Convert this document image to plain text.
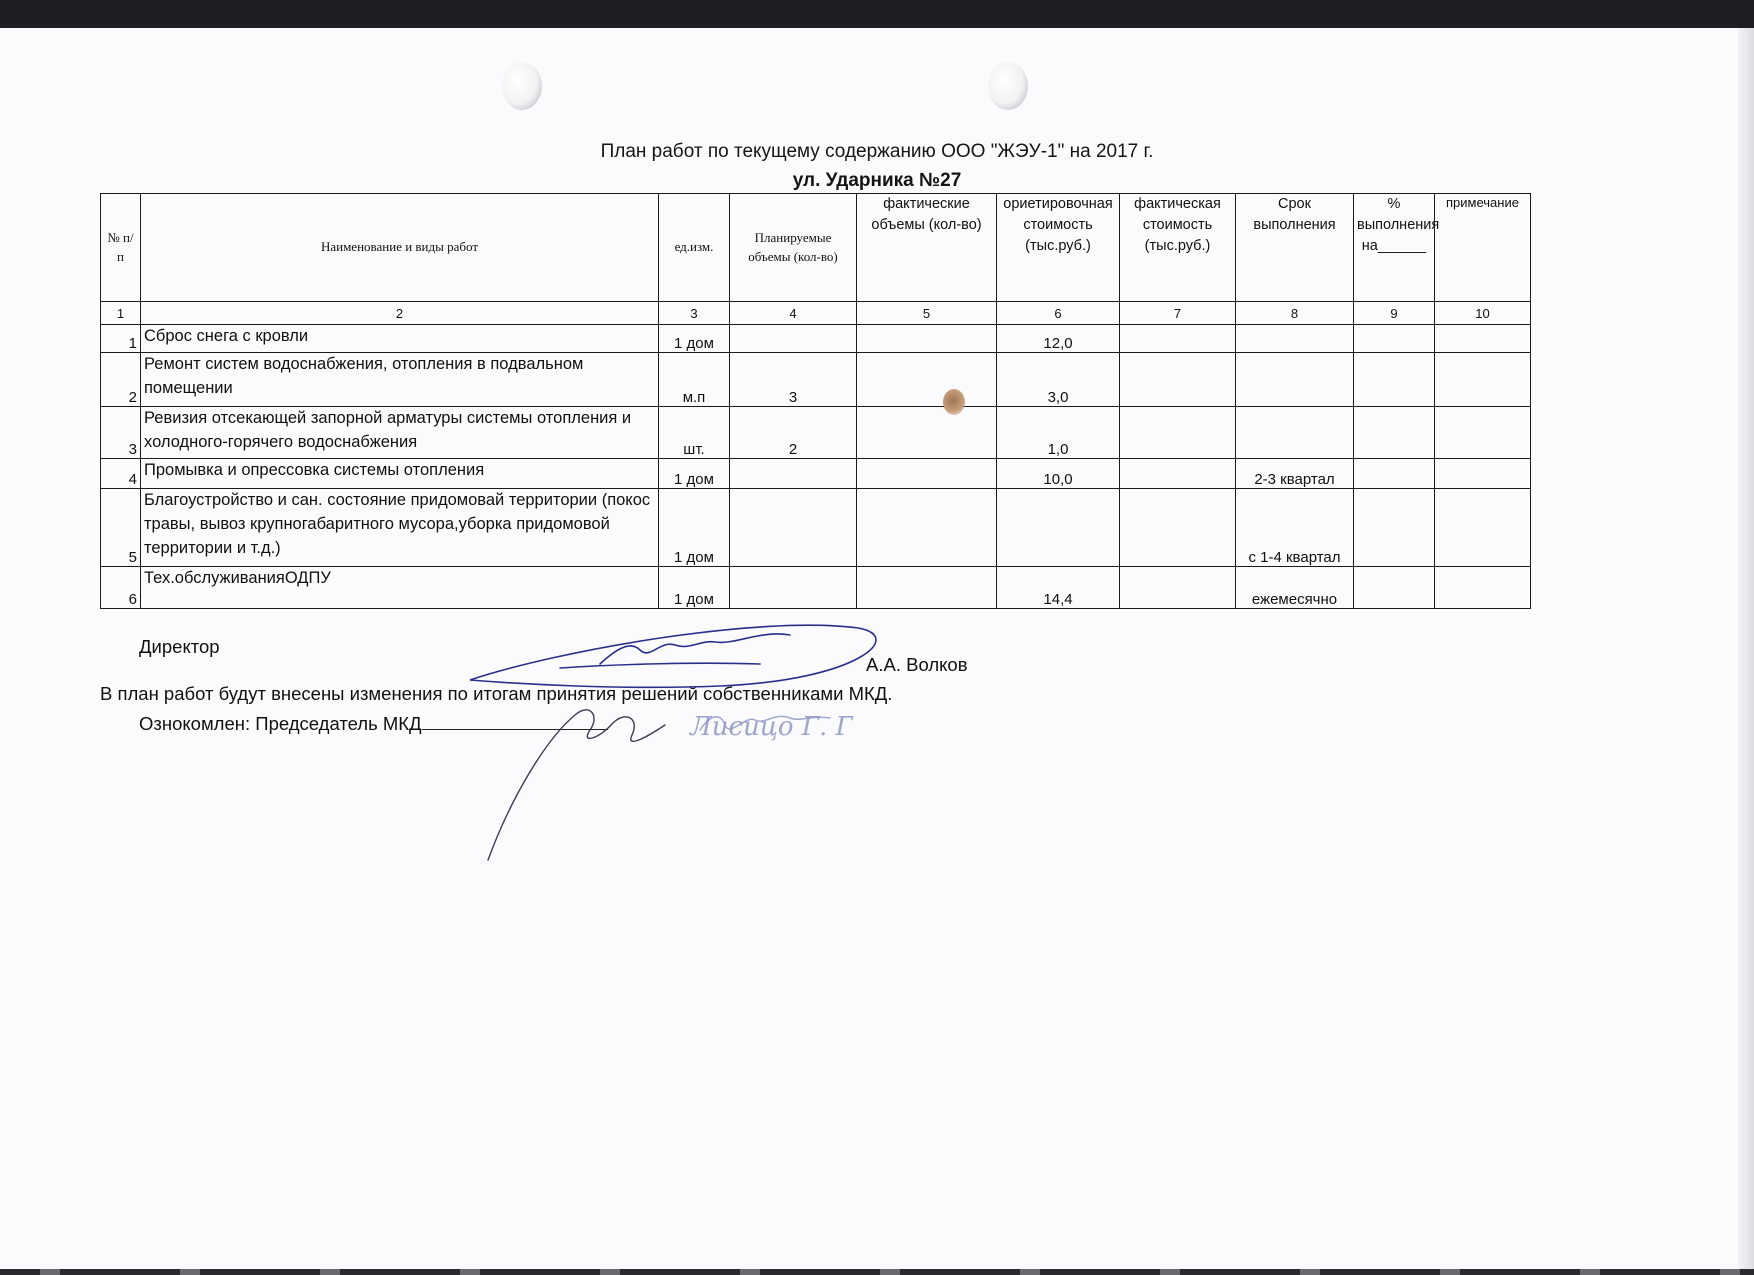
План работ по текущему содержанию ООО "ЖЭУ-1" на 2017 г.
ул. Ударника №27
№ п/п	Наименование и виды работ	ед.изм.	Планируемые объемы (кол-во)	фактические объемы (кол-во)	ориетировочная стоимость (тыс.руб.)	фактическая стоимость (тыс.руб.)	Срок выполнения	% выполнения на______	примечание
1	2	3	4	5	6	7	8	9	10
1	Сброс снега с кровли	1 дом			12,0				
2	Ремонт систем водоснабжения, отопления в подвальном помещении	м.п	3		3,0				
3	Ревизия отсекающей запорной арматуры системы отопления и холодного-горячего водоснабжения	шт.	2		1,0				
4	Промывка и опрессовка системы отопления	1 дом			10,0		2-3 квартал		
5	Благоустройство и сан. состояние придомовай территории (покос травы, вывоз крупногабаритного мусора,уборка придомовой территории и т.д.)	1 дом					с 1-4 квартал		
6	Тех.обслуживанияОДПУ	1 дом			14,4		ежемесячно		
Директор
А.А. Волков
В план работ будут внесены изменения по итогам принятия решений собственниками МКД.
Ознокомлен: Председатель МКД	Лисицо Г. Г
